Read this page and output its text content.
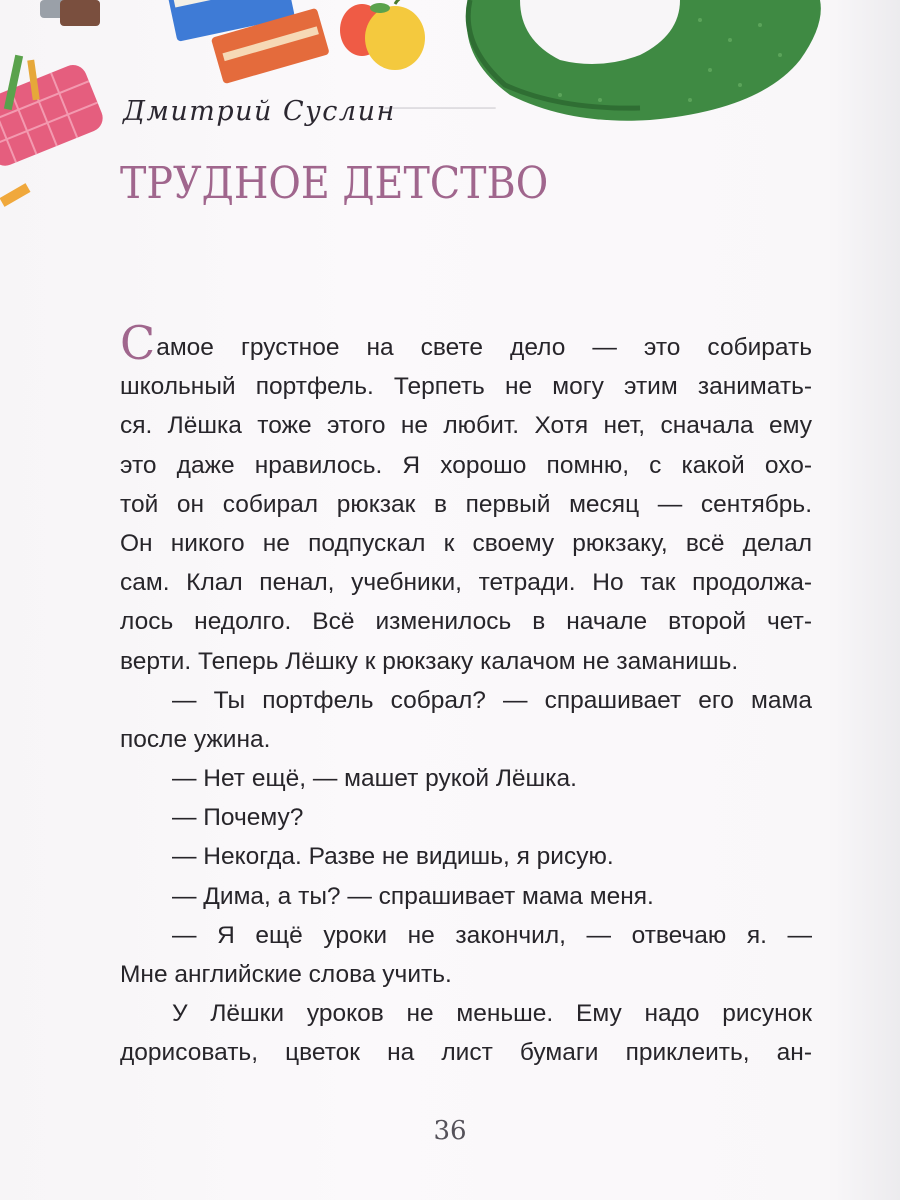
──────

Дмитрий Суслин
ТРУДНОЕ ДЕТСТВО
Самое грустное на свете дело — это собирать
школьный портфель. Терпеть не могу этим занимать-
ся. Лёшка тоже этого не любит. Хотя нет, сначала ему
это даже нравилось. Я хорошо помню, с какой охо-
той он собирал рюкзак в первый месяц — сентябрь.
Он никого не подпускал к своему рюкзаку, всё делал
сам. Клал пенал, учебники, тетради. Но так продолжа-
лось недолго. Всё изменилось в начале второй чет-
верти. Теперь Лёшку к рюкзаку калачом не заманишь.
— Ты портфель собрал? — спрашивает его мама
после ужина.
— Нет ещё, — машет рукой Лёшка.
— Почему?
— Некогда. Разве не видишь, я рисую.
— Дима, а ты? — спрашивает мама меня.
— Я ещё уроки не закончил, — отвечаю я. —
Мне английские слова учить.
У Лёшки уроков не меньше. Ему надо рисунок
дорисовать, цветок на лист бумаги приклеить, ан-
36
